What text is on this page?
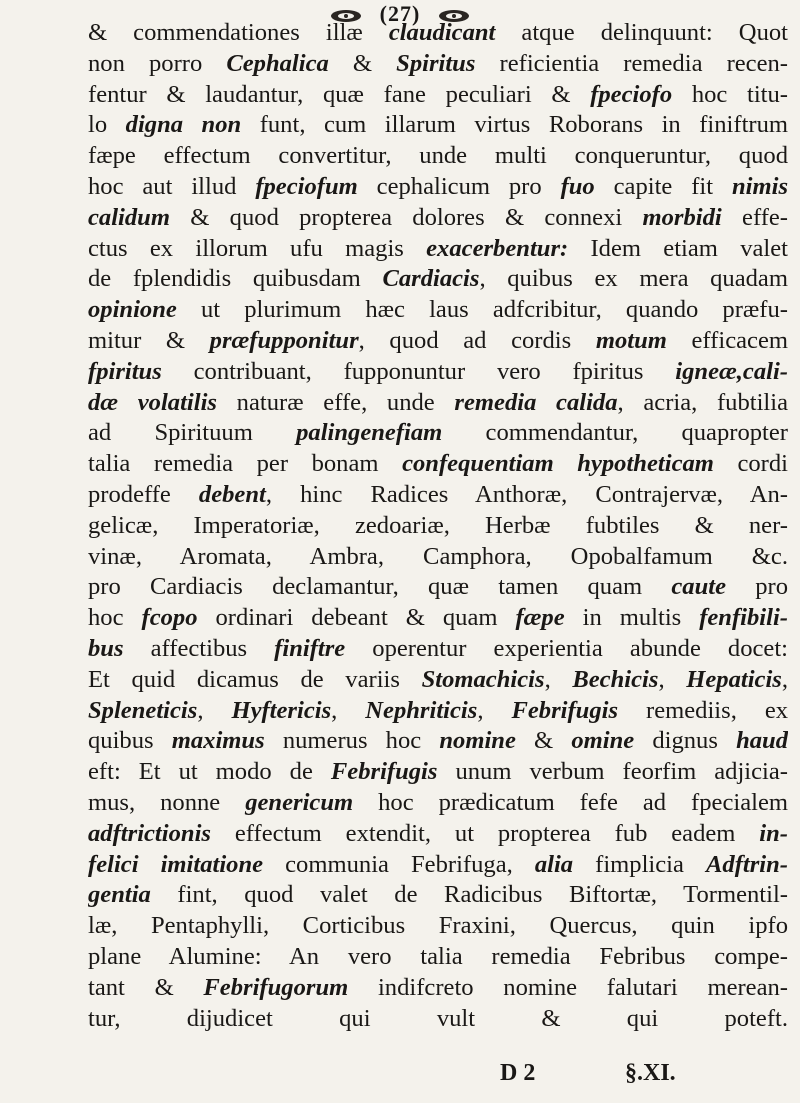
(27)
& commendationes illæ claudicant atque delinquunt: Quot
non porro Cephalica & Spiritus reficientia remedia recen-
fentur & laudantur, quæ fane peculiari & fpeciofo hoc titu-
lo digna non funt, cum illarum virtus Roborans in finiftrum
fæpe effectum convertitur, unde multi conqueruntur, quod
hoc aut illud fpeciofum cephalicum pro fuo capite fit nimis
calidum & quod propterea dolores & connexi morbidi effe-
ctus ex illorum ufu magis exacerbentur: Idem etiam valet
de fplendidis quibusdam Cardiacis, quibus ex mera quadam
opinione ut plurimum hæc laus adfcribitur, quando præfu-
mitur & præfupponitur, quod ad cordis motum efficacem
fpiritus contribuant, fupponuntur vero fpiritus igneæ,cali-
dæ volatilis naturæ effe, unde remedia calida, acria, fubtilia
ad Spirituum palingenefiam commendantur, quapropter
talia remedia per bonam confequentiam hypotheticam cordi
prodeffe debent, hinc Radices Anthoræ, Contrajervæ, An-
gelicæ, Imperatoriæ, zedoariæ, Herbæ fubtiles & ner-
vinæ, Aromata, Ambra, Camphora, Opobalfamum &c.
pro Cardiacis declamantur, quæ tamen quam caute pro
hoc fcopo ordinari debeant & quam fæpe in multis fenfibili-
bus affectibus finiftre operentur experientia abunde docet:
Et quid dicamus de variis Stomachicis, Bechicis, Hepaticis,
Spleneticis, Hyftericis, Nephriticis, Febrifugis remediis, ex
quibus maximus numerus hoc nomine & omine dignus haud
eft: Et ut modo de Febrifugis unum verbum feorfim adjicia-
mus, nonne genericum hoc prædicatum fefe ad fpecialem
adftrictionis effectum extendit, ut propterea fub eadem in-
felici imitatione communia Febrifuga, alia fimplicia Adftrin-
gentia fint, quod valet de Radicibus Biftortæ, Tormentil-
læ, Pentaphylli, Corticibus Fraxini, Quercus, quin ipfo
plane Alumine: An vero talia remedia Febribus compe-
tant & Febrifugorum indifcreto nomine falutari merean-
tur, dijudicet qui vult & qui poteft.
D 2	§.XI.
